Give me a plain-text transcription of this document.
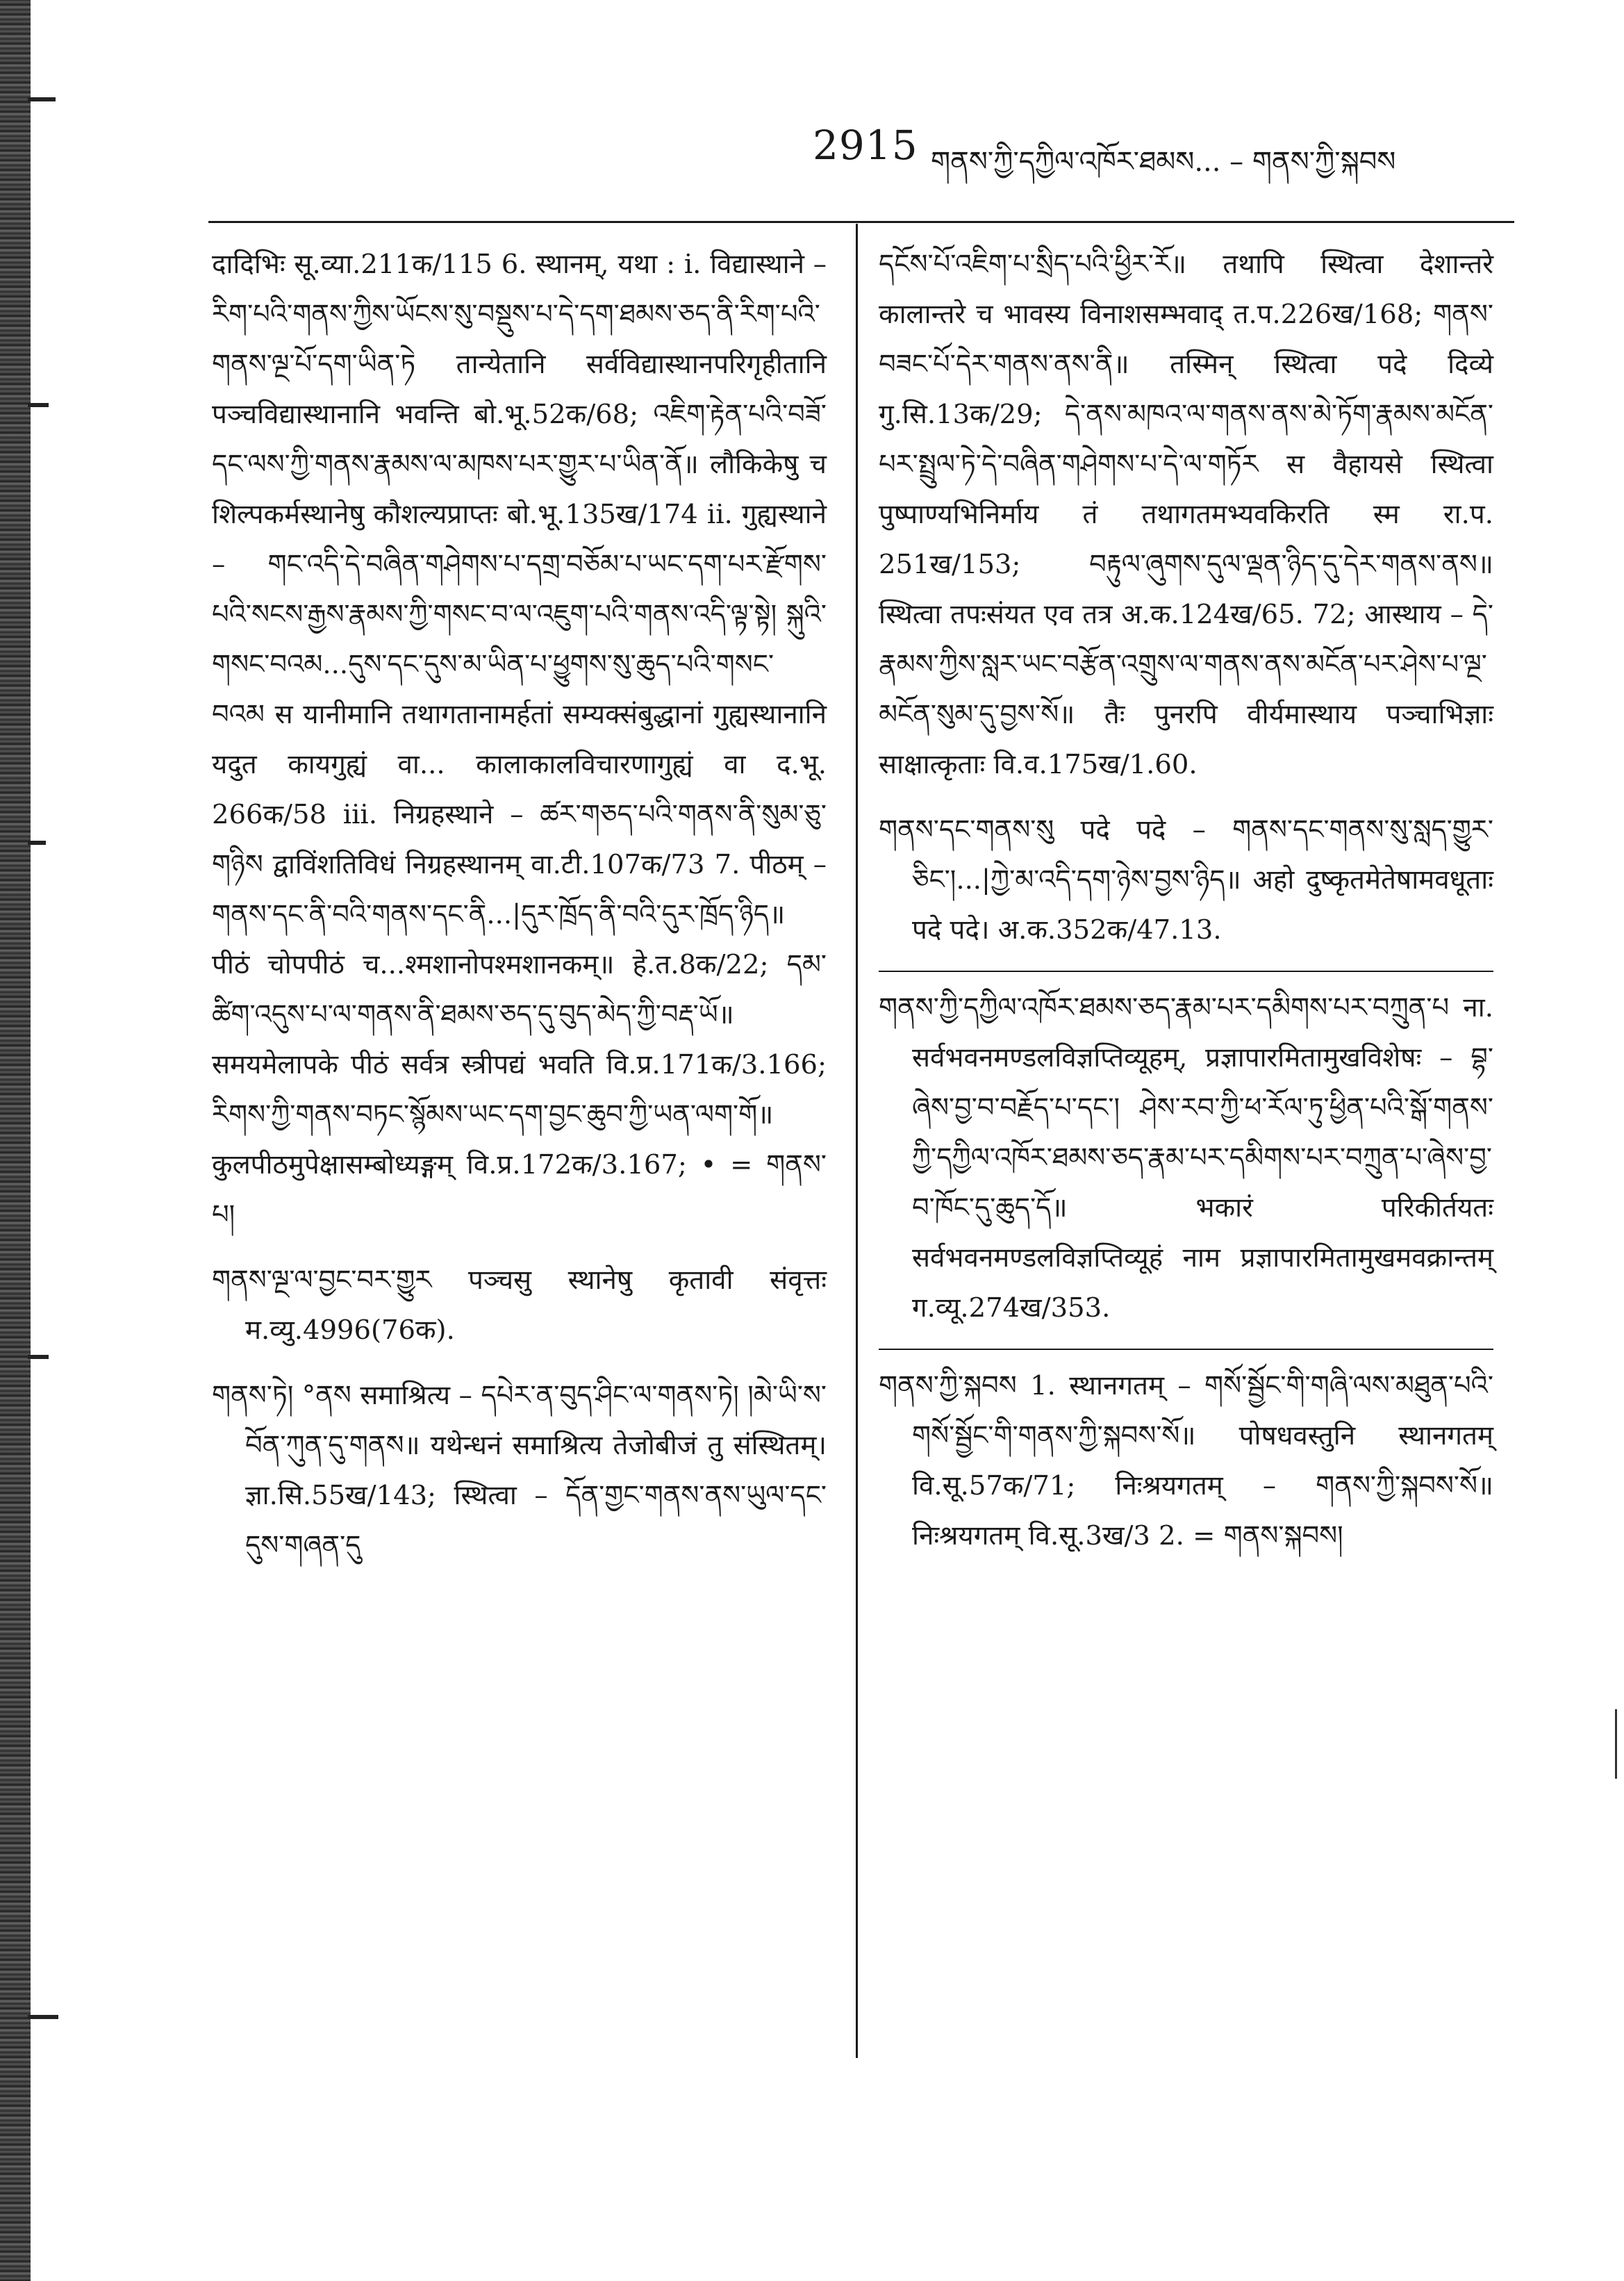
2915 གནས་ཀྱི་དཀྱིལ་འཁོར་ཐམས... – གནས་ཀྱི་སྐབས

दादिभिः सू.व्या.211क/115 6. स्थानम्, यथा : i. विद्यास्थाने – རིག་པའི་གནས་ཀྱིས་ཡོངས་སུ་བསྡུས་པ་དེ་དག་ཐམས་ཅད་ནི་རིག་པའི་གནས་ལྔ་པོ་དག་ཡིན་ཏེ तान्येतानि सर्वविद्यास्थानपरिगृहीतानि पञ्चविद्यास्थानानि भवन्ति बो.भू.52क/68; འཇིག་རྟེན་པའི་བཟོ་དང་ལས་ཀྱི་གནས་རྣམས་ལ་མཁས་པར་གྱུར་པ་ཡིན་ནོ॥ लौकिकेषु च शिल्पकर्मस्थानेषु कौशल्यप्राप्तः बो.भू.135ख/174 ii. गुह्यस्थाने – གང་འདི་དེ་བཞིན་གཤེགས་པ་དགྲ་བཅོམ་པ་ཡང་དག་པར་རྫོགས་པའི་སངས་རྒྱས་རྣམས་ཀྱི་གསང་བ་ལ་འཇུག་པའི་གནས་འདི་ལྟ་སྟེ། སྐུའི་གསང་བའམ...དུས་དང་དུས་མ་ཡིན་པ་ཕྱུགས་སུ་ཆུད་པའི་གསང་བའམ स यानीमानि तथागतानामर्हतां सम्यक्संबुद्धानां गुह्यस्थानानि यदुत कायगुह्यं वा... कालाकालविचारणागुह्यं वा द.भू. 266क/58 iii. निग्रहस्थाने – ཚར་གཅད་པའི་གནས་ནི་སུམ་ཅུ་གཉིས द्वाविंशतिविधं निग्रहस्थानम् वा.टी.107क/73 7. पीठम् – གནས་དང་ནི་བའི་གནས་དང་ནི...|དུར་ཁྲོད་ནི་བའི་དུར་ཁྲོད་ཉིད॥ पीठं चोपपीठं च...श्मशानोपश्मशानकम्॥ हे.त.8क/22; དམ་ཚིག་འདུས་པ་ལ་གནས་ནི་ཐམས་ཅད་དུ་བུད་མེད་ཀྱི་བརྡ་ཡོ॥ समयमेलापके पीठं सर्वत्र स्त्रीपद्यं भवति वि.प्र.171क/3.166; རིགས་ཀྱི་གནས་བཏང་སྙོམས་ཡང་དག་བྱང་ཆུབ་ཀྱི་ཡན་ལག་གོ॥ कुलपीठमुपेक्षासम्बोध्यङ्गम् वि.प्र.172क/3.167; • = གནས་པ།

གནས་ལྔ་ལ་བྱང་བར་གྱུར पञ्चसु स्थानेषु कृतावी संवृत्तः म.व्यु.4996(76क).

གནས་ཏེ། °ནས समाश्रित्य – དཔེར་ན་བུད་ཤིང་ལ་གནས་ཏེ། །མེ་ཡི་ས་བོན་ཀུན་དུ་གནས॥ यथेन्धनं समाश्रित्य तेजोबीजं तु संस्थितम्। ज्ञा.सि.55ख/143; स्थित्वा – དོན་གྱང་གནས་ནས་ཡུལ་དང་དུས་གཞན་དུ

དངོས་པོ་འཇིག་པ་སྲིད་པའི་ཕྱིར་རོ॥ तथापि स्थित्वा देशान्तरे कालान्तरे च भावस्य विनाशसम्भवाद् त.प.226ख/168; གནས་བཟང་པོ་དེར་གནས་ནས་ནི॥ तस्मिन् स्थित्वा पदे दिव्ये गु.सि.13क/29; དེ་ནས་མཁའ་ལ་གནས་ནས་མེ་ཏོག་རྣམས་མངོན་པར་སྤྲུལ་ཏེ་དེ་བཞིན་གཤེགས་པ་དེ་ལ་གཏོར स वैहायसे स्थित्वा पुष्पाण्यभिनिर्माय तं तथागतमभ्यवकिरति स्म रा.प. 251ख/153; བརྟུལ་ཞུགས་དུལ་ལྡན་ཉིད་དུ་དེར་གནས་ནས॥ स्थित्वा तपःसंयत एव तत्र अ.क.124ख/65. 72; आस्थाय – དེ་རྣམས་ཀྱིས་སླར་ཡང་བརྩོན་འགྲུས་ལ་གནས་ནས་མངོན་པར་ཤེས་པ་ལྔ་མངོན་སུམ་དུ་བྱས་སོ॥ तैः पुनरपि वीर्यमास्थाय पञ्चाभिज्ञाः साक्षात्कृताः वि.व.175ख/1.60.

གནས་དང་གནས་སུ पदे पदे – གནས་དང་གནས་སུ་སླད་གྱུར་ཅིང་།...|ཀྱེ་མ་འདི་དག་ཉེས་བྱས་ཉིད॥ अहो दुष्कृतमेतेषामवधूताः पदे पदे। अ.क.352क/47.13.

གནས་ཀྱི་དཀྱིལ་འཁོར་ཐམས་ཅད་རྣམ་པར་དམིགས་པར་བཀྲུན་པ ना. सर्वभवनमण्डलविज्ञप्तिव्यूहम्, प्रज्ञापारमितामुखविशेषः – བྷ་ཞེས་བྱ་བ་བརྗོད་པ་དང་། ཤེས་རབ་ཀྱི་ཕ་རོལ་ཏུ་ཕྱིན་པའི་སྒོ་གནས་ཀྱི་དཀྱིལ་འཁོར་ཐམས་ཅད་རྣམ་པར་དམིགས་པར་བཀྲུན་པ་ཞེས་བྱ་བ་ཁོང་དུ་ཆུད་དོ॥ भकारं परिकीर्तयतः सर्वभवनमण्डलविज्ञप्तिव्यूहं नाम प्रज्ञापारमितामुखमवक्रान्तम् ग.व्यू.274ख/353.

གནས་ཀྱི་སྐབས 1. स्थानगतम् – གསོ་སྦྱོང་གི་གཞི་ལས་མཐུན་པའི་གསོ་སྦྱོང་གི་གནས་ཀྱི་སྐབས་སོ॥ पोषधवस्तुनि स्थानगतम् वि.सू.57क/71; निःश्रयगतम् – གནས་ཀྱི་སྐབས་སོ॥ निःश्रयगतम् वि.सू.3ख/3 2. = གནས་སྐབས།
